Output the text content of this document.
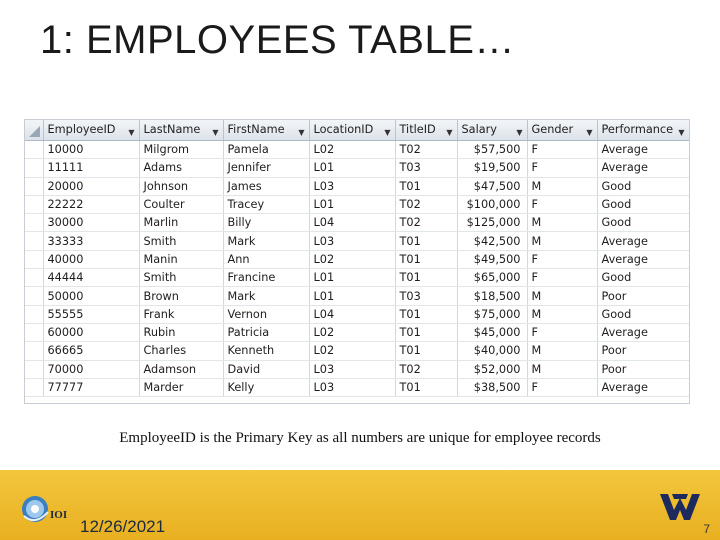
1: EMPLOYEES TABLE…
	EmployeeID ▼	LastName ▼	FirstName ▼	LocationID ▼	TitleID ▼	Salary ▼	Gender ▼	Performance ▼

	10000	Milgrom	Pamela	L02	T02	$57,500	F	Average
	11111	Adams	Jennifer	L01	T03	$19,500	F	Average
	20000	Johnson	James	L03	T01	$47,500	M	Good
	22222	Coulter	Tracey	L01	T02	$100,000	F	Good
	30000	Marlin	Billy	L04	T02	$125,000	M	Good
	33333	Smith	Mark	L03	T01	$42,500	M	Average
	40000	Manin	Ann	L02	T01	$49,500	F	Average
	44444	Smith	Francine	L01	T01	$65,000	F	Good
	50000	Brown	Mark	L01	T03	$18,500	M	Poor
	55555	Frank	Vernon	L04	T01	$75,000	M	Good
	60000	Rubin	Patricia	L02	T01	$45,000	F	Average
	66665	Charles	Kenneth	L02	T01	$40,000	M	Poor
	70000	Adamson	David	L03	T02	$52,000	M	Poor
	77777	Marder	Kelly	L03	T01	$38,500	F	Average
EmployeeID is the Primary Key as all numbers are unique for employee records
IOI
12/26/2021	7
